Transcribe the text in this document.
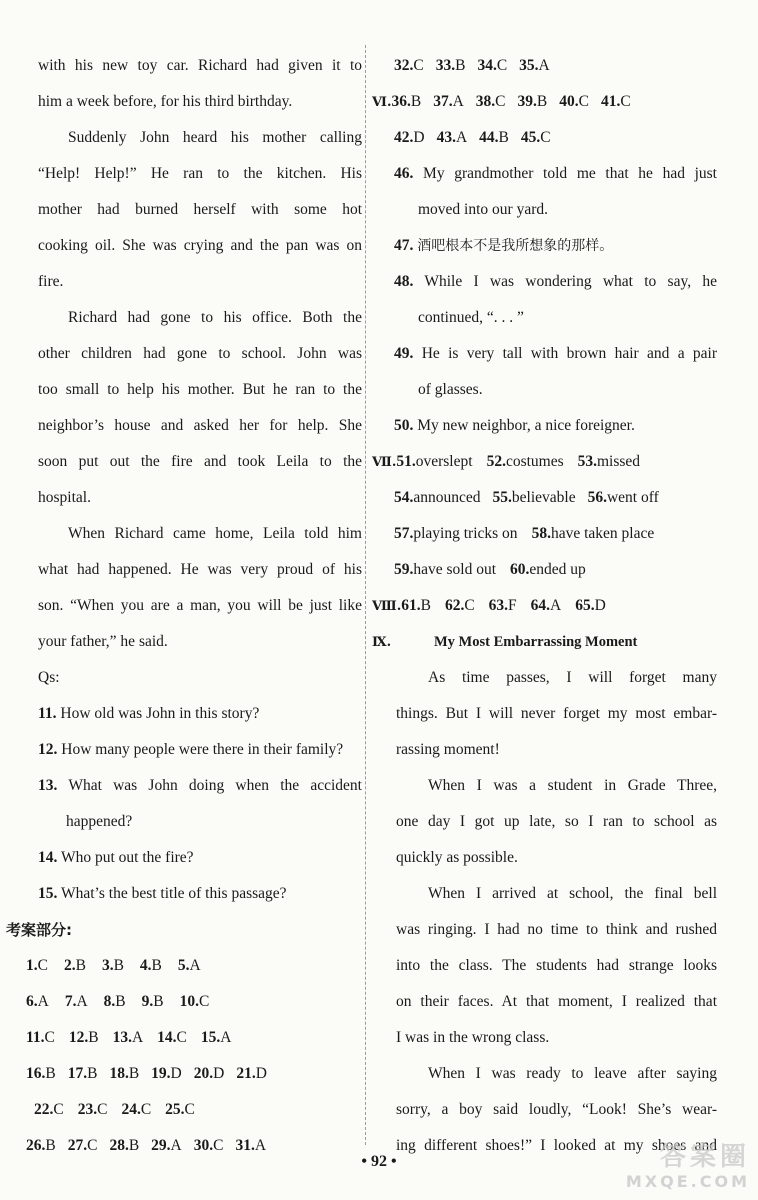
with his new toy car. Richard had given it to
him a week before, for his third birthday.
Suddenly John heard his mother calling
“Help! Help!” He ran to the kitchen. His
mother had burned herself with some hot
cooking oil. She was crying and the pan was on
fire.
Richard had gone to his office. Both the
other children had gone to school. John was
too small to help his mother. But he ran to the
neighbor’s house and asked her for help. She
soon put out the fire and took Leila to the
hospital.
When Richard came home, Leila told him
what had happened. He was very proud of his
son. “When you are a man, you will be just like
your father,” he said.
Qs:
11. How old was John in this story?
12. How many people were there in their family?
13. What was John doing when the accident
happened?
14. Who put out the fire?
15. What’s the best title of this passage?
考案部分:
1.C 2.B 3.B 4.B 5.A
6.A 7.A 8.B 9.B 10.C
11.C 12.B 13.A 14.C 15.A
16.B 17.B 18.B 19.D 20.D 21.D
22.C 23.C 24.C 25.C
26.B 27.C 28.B 29.A 30.C 31.A
32.C 33.B 34.C 35.A
Ⅵ.36.B 37.A 38.C 39.B 40.C 41.C
42.D 43.A 44.B 45.C
46. My grandmother told me that he had just
moved into our yard.
47. 酒吧根本不是我所想象的那样。
48. While I was wondering what to say, he
continued, “. . . ”
49. He is very tall with brown hair and a pair
of glasses.
50. My new neighbor, a nice foreigner.
Ⅶ.51.overslept 52.costumes 53.missed
54.announced 55.believable 56.went off
57.playing tricks on 58.have taken place
59.have sold out 60.ended up
Ⅷ.61.B 62.C 63.F 64.A 65.D
Ⅸ.	My Most Embarrassing Moment
As time passes, I will forget many
things. But I will never forget my most embar-
rassing moment!
When I was a student in Grade Three,
one day I got up late, so I ran to school as
quickly as possible.
When I arrived at school, the final bell
was ringing. I had no time to think and rushed
into the class. The students had strange looks
on their faces. At that moment, I realized that
I was in the wrong class.
When I was ready to leave after saying
sorry, a boy said loudly, “Look! She’s wear-
ing different shoes!” I looked at my shoes and
• 92 •	答案圈
MXQE.COM
